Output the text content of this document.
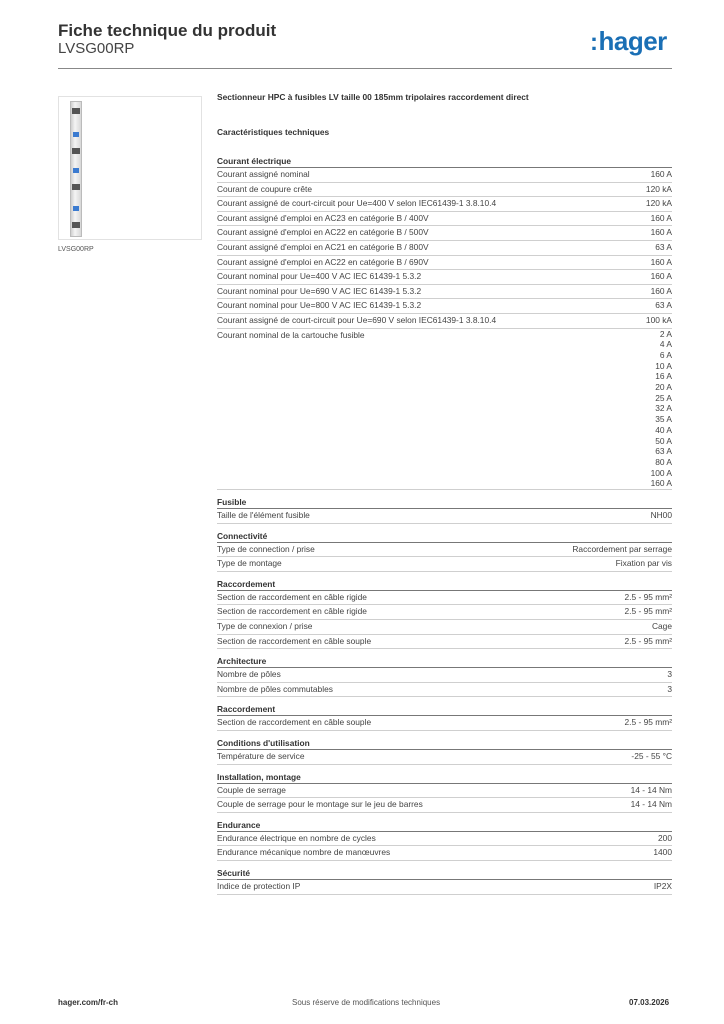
Fiche technique du produit
LVSG00RP	:hager
LVSG00RP
Sectionneur HPC à fusibles LV taille 00 185mm tripolaires raccordement direct
Caractéristiques techniques
Courant électrique
Courant assigné nominal	160 A
Courant de coupure crête	120 kA
Courant assigné de court-circuit pour Ue=400 V selon IEC61439-1 3.8.10.4	120 kA
Courant assigné d'emploi en AC23 en catégorie B / 400V	160 A
Courant assigné d'emploi en AC22 en catégorie B / 500V	160 A
Courant assigné d'emploi en AC21 en catégorie B / 800V	63 A
Courant assigné d'emploi en AC22 en catégorie B / 690V	160 A
Courant nominal pour Ue=400 V AC IEC 61439-1 5.3.2	160 A
Courant nominal pour Ue=690 V AC IEC 61439-1 5.3.2	160 A
Courant nominal pour Ue=800 V AC IEC 61439-1 5.3.2	63 A
Courant assigné de court-circuit pour Ue=690 V selon IEC61439-1 3.8.10.4	100 kA
Courant nominal de la cartouche fusible	2 A
4 A
6 A
10 A
16 A
20 A
25 A
32 A
35 A
40 A
50 A
63 A
80 A
100 A
160 A
Fusible
Taille de l'élément fusible	NH00
Connectivité
Type de connection / prise	Raccordement par serrage
Type de montage	Fixation par vis
Raccordement
Section de raccordement en câble rigide	2.5 - 95 mm²
Section de raccordement en câble rigide	2.5 - 95 mm²
Type de connexion / prise	Cage
Section de raccordement en câble souple	2.5 - 95 mm²
Architecture
Nombre de pôles	3
Nombre de pôles commutables	3
Raccordement
Section de raccordement en câble souple	2.5 - 95 mm²
Conditions d'utilisation
Température de service	-25 - 55 °C
Installation, montage
Couple de serrage	14 - 14 Nm
Couple de serrage pour le montage sur le jeu de barres	14 - 14 Nm
Endurance
Endurance électrique en nombre de cycles	200
Endurance mécanique nombre de manœuvres	1400
Sécurité
Indice de protection IP	IP2X
hager.com/fr-ch	Sous réserve de modifications techniques	07.03.2026
